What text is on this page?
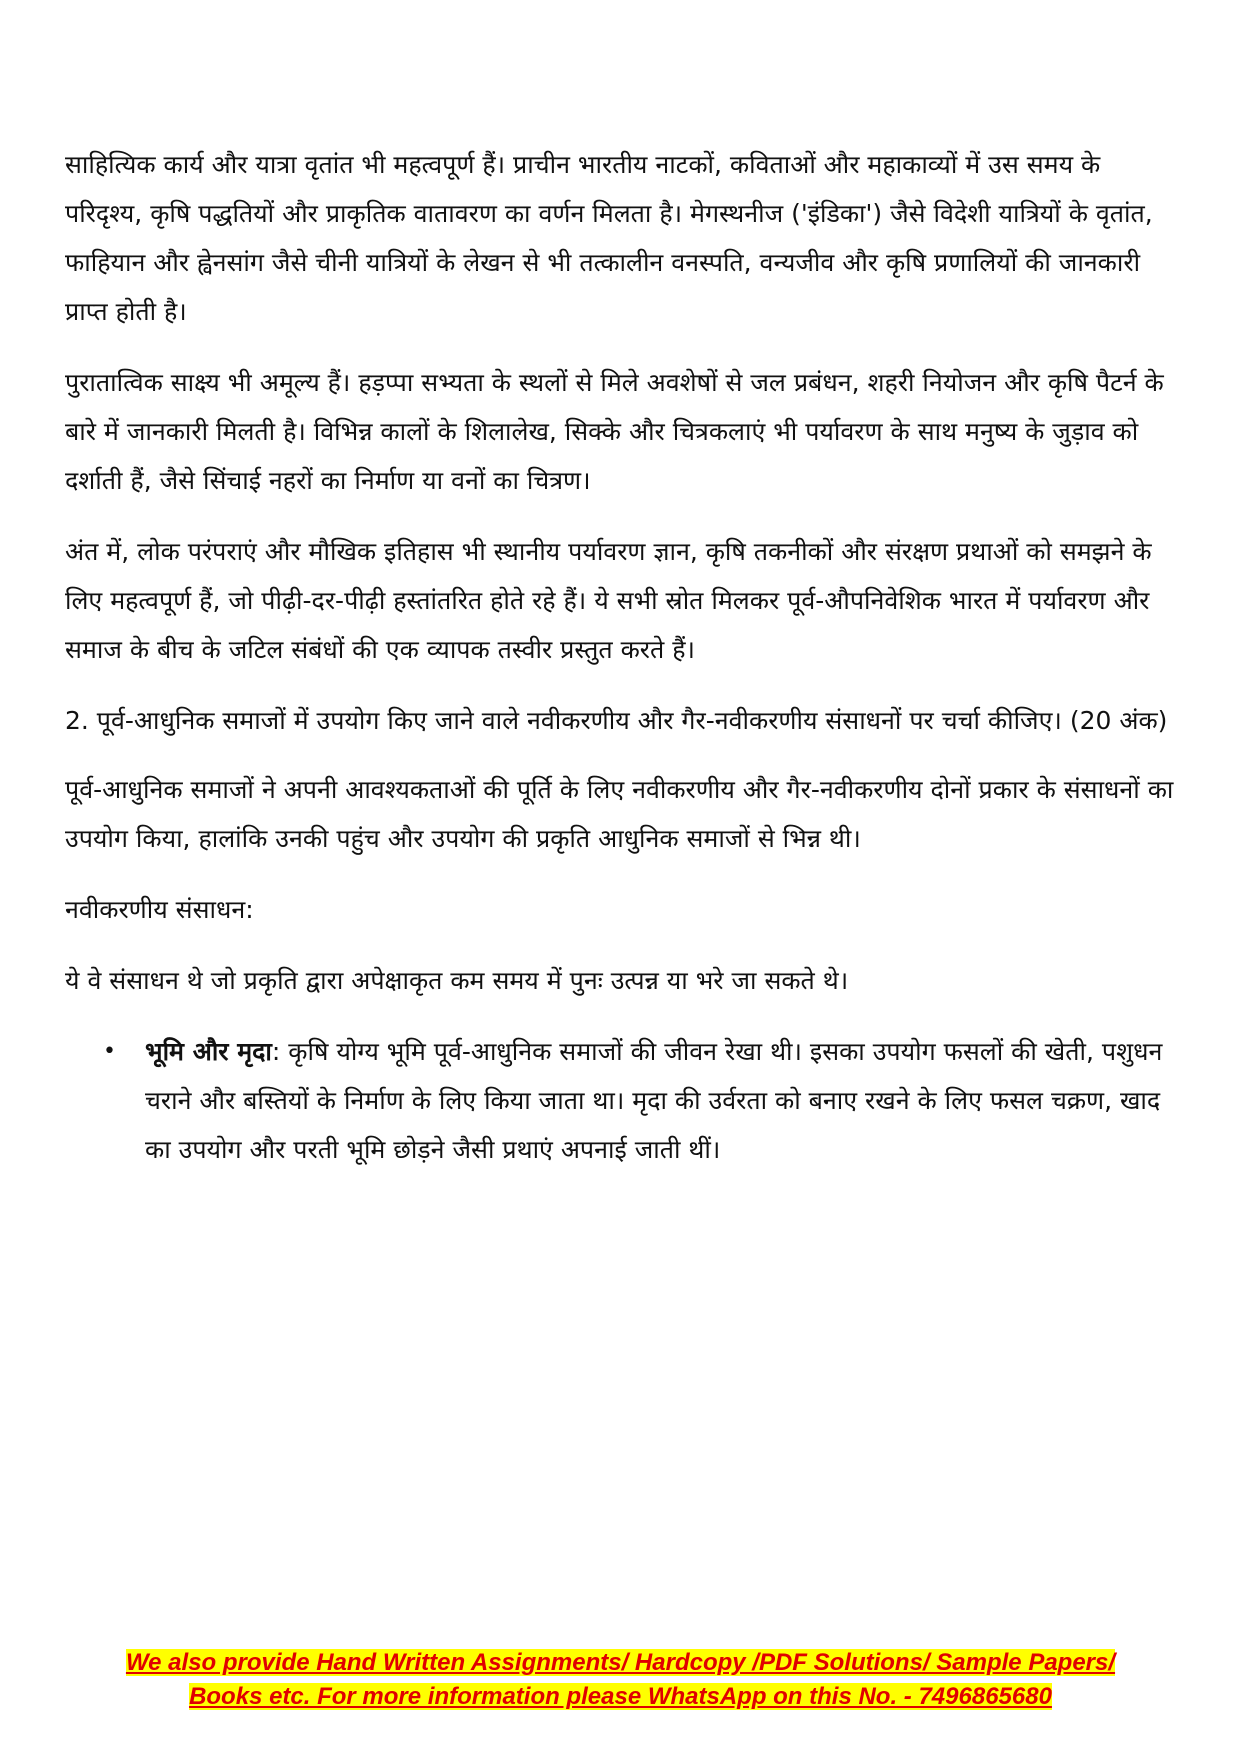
साहित्यिक कार्य और यात्रा वृतांत भी महत्वपूर्ण हैं। प्राचीन भारतीय नाटकों, कविताओं और महाकाव्यों में उस समय के परिदृश्य, कृषि पद्धतियों और प्राकृतिक वातावरण का वर्णन मिलता है। मेगस्थनीज ('इंडिका') जैसे विदेशी यात्रियों के वृतांत, फाहियान और ह्वेनसांग जैसे चीनी यात्रियों के लेखन से भी तत्कालीन वनस्पति, वन्यजीव और कृषि प्रणालियों की जानकारी प्राप्त होती है।

पुरातात्विक साक्ष्य भी अमूल्य हैं। हड़प्पा सभ्यता के स्थलों से मिले अवशेषों से जल प्रबंधन, शहरी नियोजन और कृषि पैटर्न के बारे में जानकारी मिलती है। विभिन्न कालों के शिलालेख, सिक्के और चित्रकलाएं भी पर्यावरण के साथ मनुष्य के जुड़ाव को दर्शाती हैं, जैसे सिंचाई नहरों का निर्माण या वनों का चित्रण।

अंत में, लोक परंपराएं और मौखिक इतिहास भी स्थानीय पर्यावरण ज्ञान, कृषि तकनीकों और संरक्षण प्रथाओं को समझने के लिए महत्वपूर्ण हैं, जो पीढ़ी-दर-पीढ़ी हस्तांतरित होते रहे हैं। ये सभी स्रोत मिलकर पूर्व-औपनिवेशिक भारत में पर्यावरण और समाज के बीच के जटिल संबंधों की एक व्यापक तस्वीर प्रस्तुत करते हैं।

2. पूर्व-आधुनिक समाजों में उपयोग किए जाने वाले नवीकरणीय और गैर-नवीकरणीय संसाधनों पर चर्चा कीजिए। (20 अंक)

पूर्व-आधुनिक समाजों ने अपनी आवश्यकताओं की पूर्ति के लिए नवीकरणीय और गैर-नवीकरणीय दोनों प्रकार के संसाधनों का उपयोग किया, हालांकि उनकी पहुंच और उपयोग की प्रकृति आधुनिक समाजों से भिन्न थी।

नवीकरणीय संसाधन:

ये वे संसाधन थे जो प्रकृति द्वारा अपेक्षाकृत कम समय में पुनः उत्पन्न या भरे जा सकते थे।

• भूमि और मृदा: कृषि योग्य भूमि पूर्व-आधुनिक समाजों की जीवन रेखा थी। इसका उपयोग फसलों की खेती, पशुधन चराने और बस्तियों के निर्माण के लिए किया जाता था। मृदा की उर्वरता को बनाए रखने के लिए फसल चक्रण, खाद का उपयोग और परती भूमि छोड़ने जैसी प्रथाएं अपनाई जाती थीं।
We also provide Hand Written Assignments/ Hardcopy /PDF Solutions/ Sample Papers/
Books etc. For more information please WhatsApp on this No. - 7496865680
